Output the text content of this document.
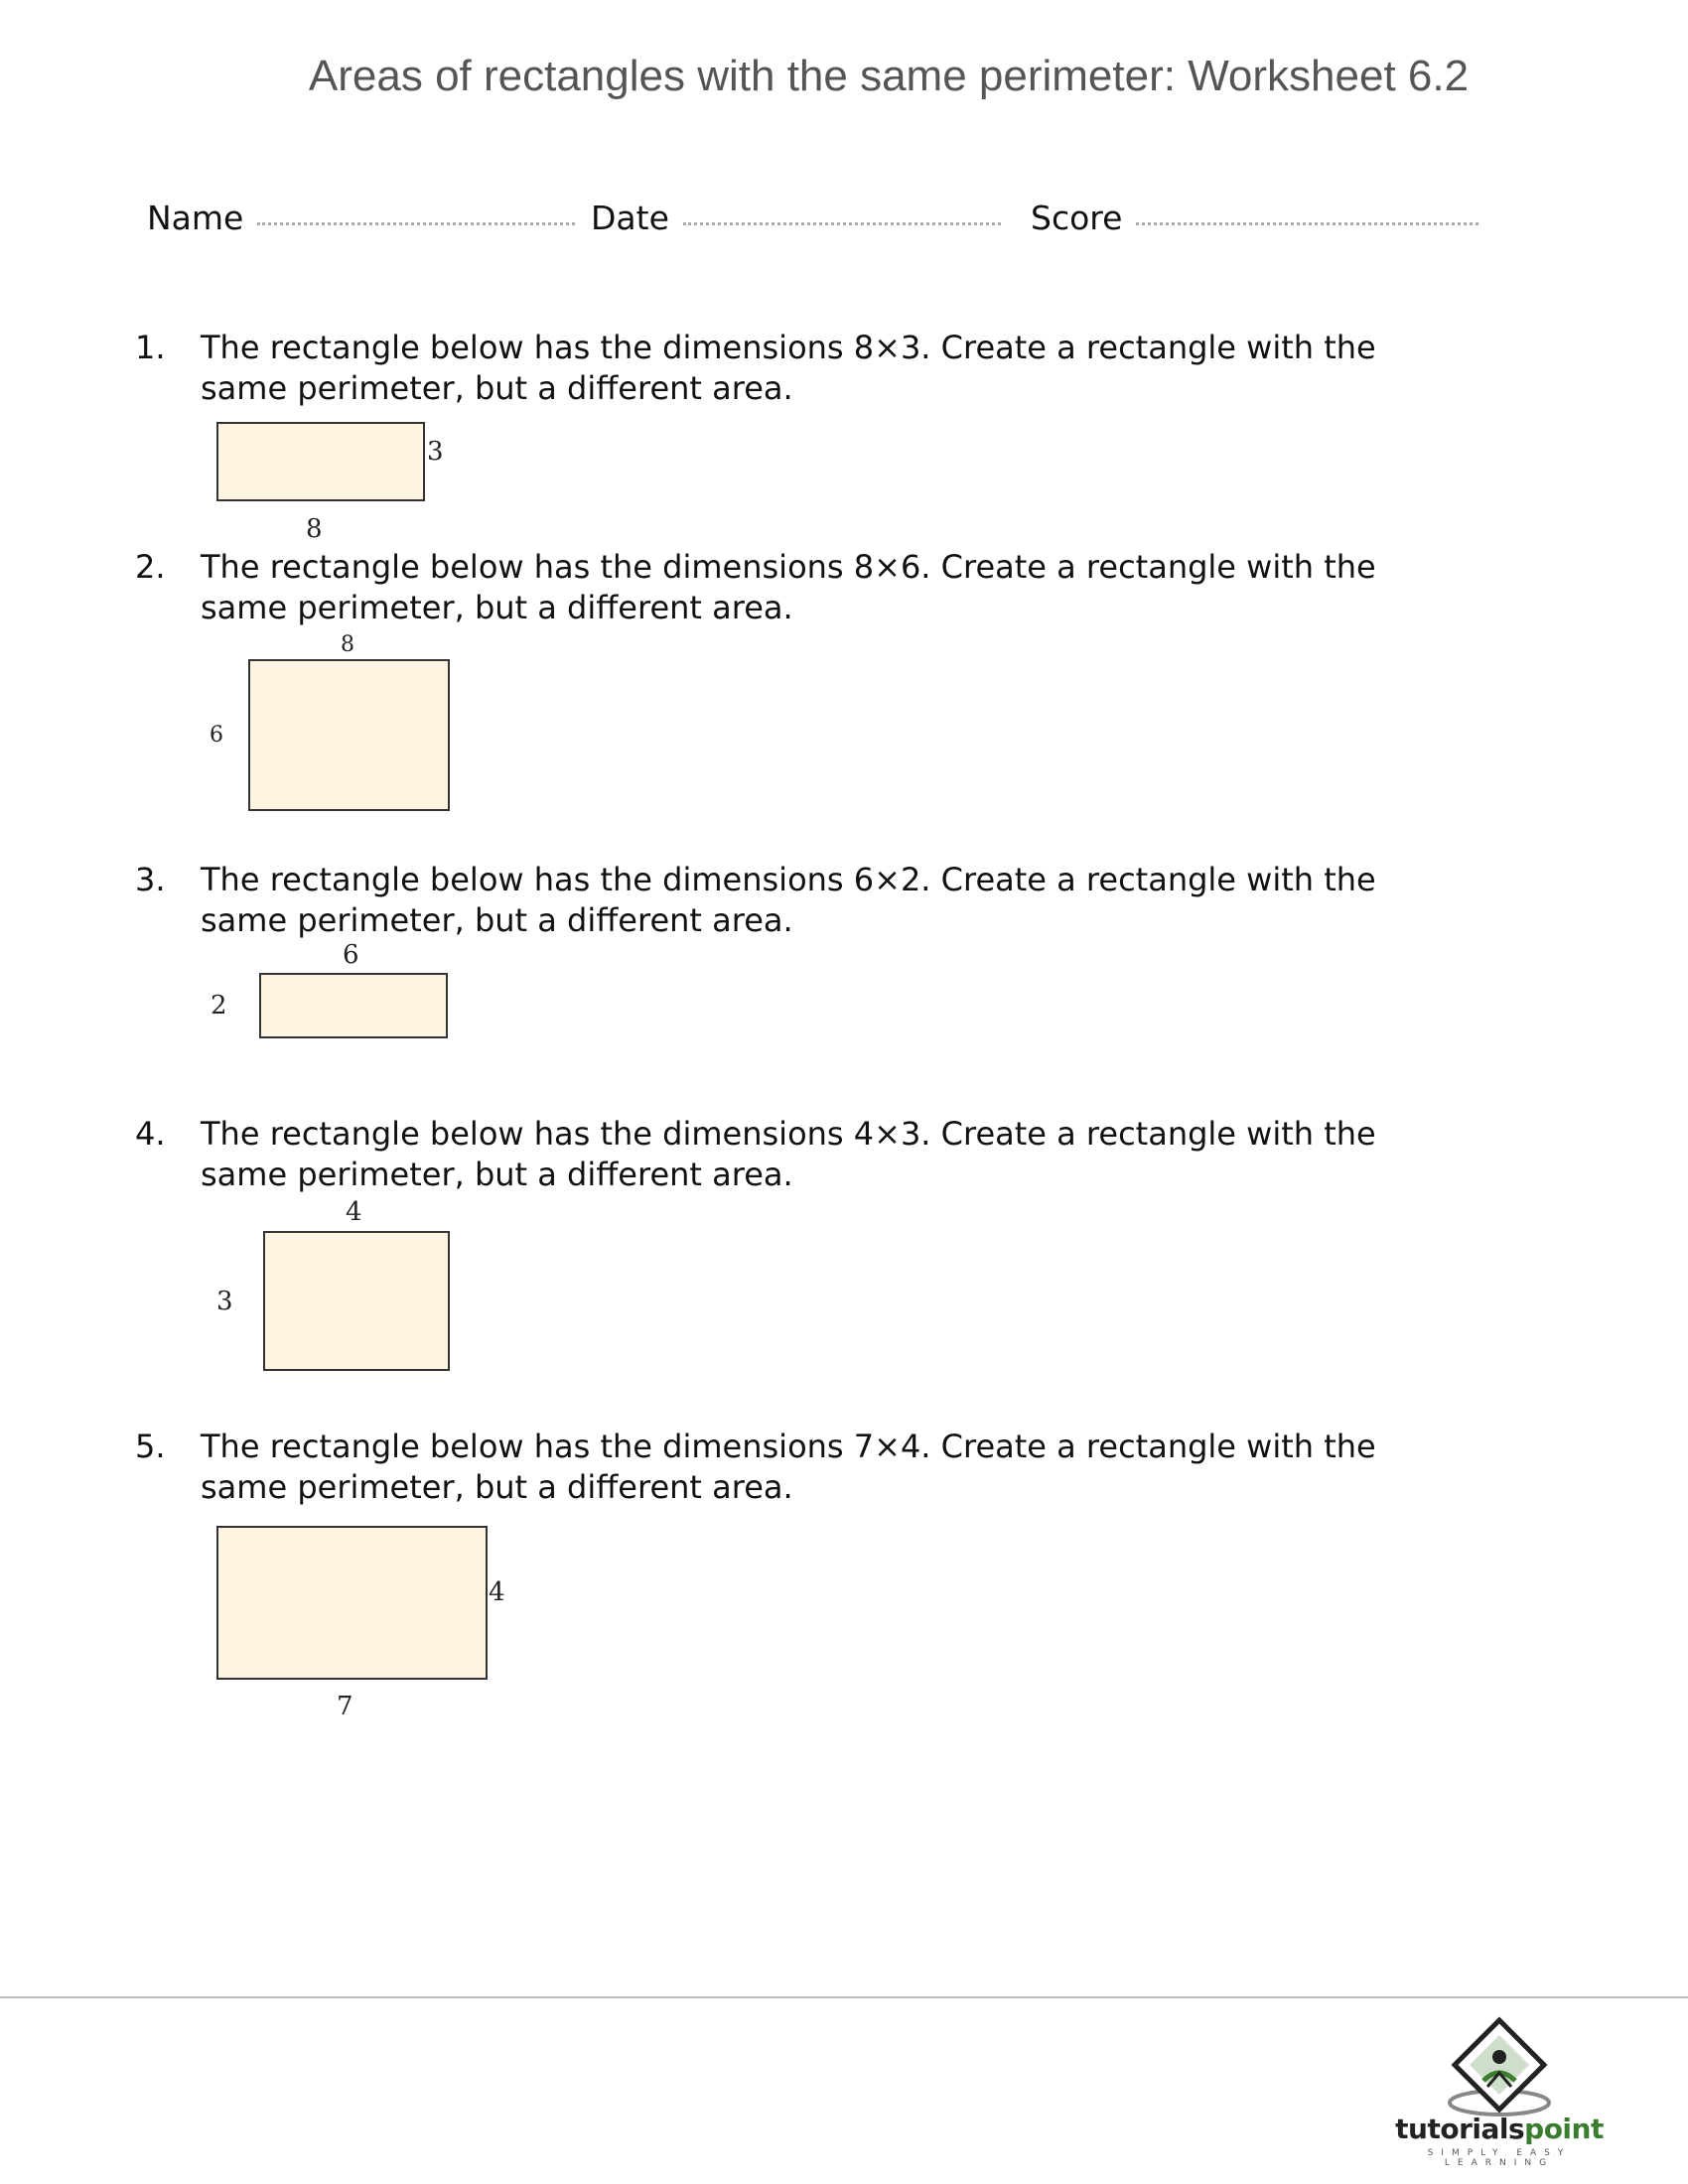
Areas of rectangles with the same perimeter: Worksheet 6.2
Name	Date	Score
1. The rectangle below has the dimensions 8×3. Create a rectangle with the
same perimeter, but a different area.
3
8
2. The rectangle below has the dimensions 8×6. Create a rectangle with the
same perimeter, but a different area.
8
6
3. The rectangle below has the dimensions 6×2. Create a rectangle with the
same perimeter, but a different area.
6
2
4. The rectangle below has the dimensions 4×3. Create a rectangle with the
same perimeter, but a different area.
4
3
5. The rectangle below has the dimensions 7×4. Create a rectangle with the
same perimeter, but a different area.
4
7
tutorialspoint
SIMPLY EASY LEARNING
